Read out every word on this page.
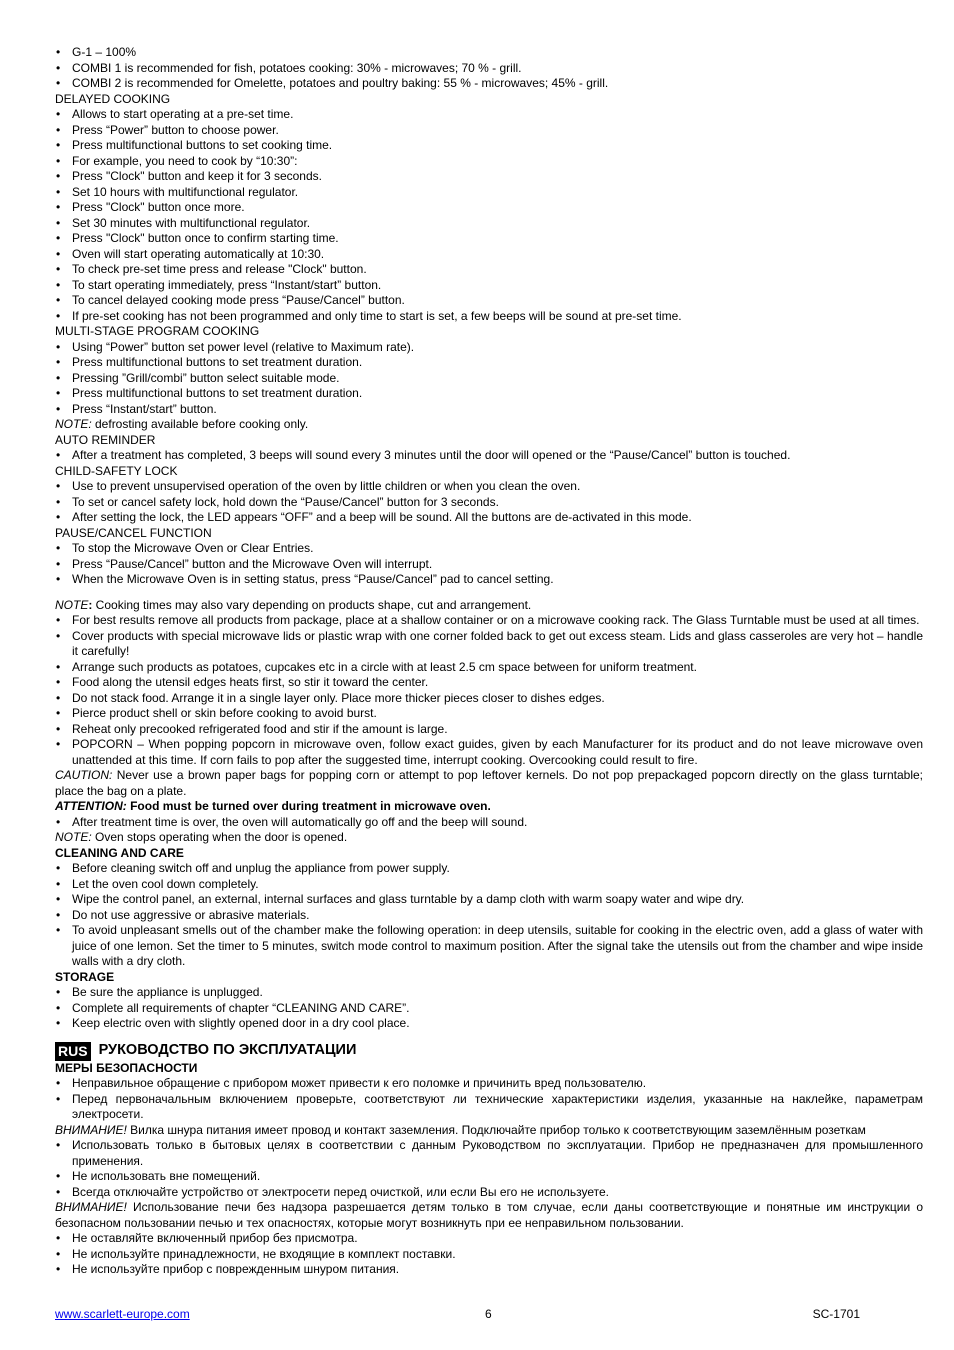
• G-1 – 100%
• COMBI 1 is recommended for fish, potatoes cooking: 30% - microwaves; 70 % - grill.
• COMBI 2 is recommended for Omelette, potatoes and poultry baking: 55 % - microwaves; 45% - grill.
DELAYED COOKING
• Allows to start operating at a pre-set time.
• Press “Power” button to choose power.
• Press multifunctional buttons to set cooking time.
• For example, you need to cook by “10:30”:
• Press "Clock" button and keep it for 3 seconds.
• Set 10 hours with multifunctional regulator.
• Press "Clock" button once more.
• Set 30 minutes with multifunctional regulator.
• Press "Clock" button once to confirm starting time.
• Oven will start operating automatically at 10:30.
• To check pre-set time press and release "Clock" button.
• To start operating immediately, press “Instant/start” button.
• To cancel delayed cooking mode press “Pause/Cancel” button.
• If pre-set cooking has not been programmed and only time to start is set, a few beeps will be sound at pre-set time.
MULTI-STAGE PROGRAM COOKING
• Using “Power” button set power level (relative to Maximum rate).
• Press multifunctional buttons to set treatment duration.
• Pressing ”Grill/combi” button select suitable mode.
• Press multifunctional buttons to set treatment duration.
• Press “Instant/start” button.
NOTE: defrosting available before cooking only.
AUTO REMINDER
• After a treatment has completed, 3 beeps will sound every 3 minutes until the door will opened or the “Pause/Cancel” button is touched.
CHILD-SAFETY LOCK
• Use to prevent unsupervised operation of the oven by little children or when you clean the oven.
• To set or cancel safety lock, hold down the “Pause/Cancel” button for 3 seconds.
• After setting the lock, the LED appears “OFF” and a beep will be sound. All the buttons are de-activated in this mode.
PAUSE/CANCEL FUNCTION
• To stop the Microwave Oven or Clear Entries.
• Press “Pause/Cancel” button and the Microwave Oven will interrupt.
• When the Microwave Oven is in setting status, press “Pause/Cancel” pad to cancel setting.
NOTE: Cooking times may also vary depending on products shape, cut and arrangement.
• For best results remove all products from package, place at a shallow container or on a microwave cooking rack. The Glass Turntable must be used at all times.
• Cover products with special microwave lids or plastic wrap with one corner folded back to get out excess steam. Lids and glass casseroles are very hot – handle it carefully!
• Arrange such products as potatoes, cupcakes etc in a circle with at least 2.5 cm space between for uniform treatment.
• Food along the utensil edges heats first, so stir it toward the center.
• Do not stack food. Arrange it in a single layer only. Place more thicker pieces closer to dishes edges.
• Pierce product shell or skin before cooking to avoid burst.
• Reheat only precooked refrigerated food and stir if the amount is large.
• POPCORN – When popping popcorn in microwave oven, follow exact guides, given by each Manufacturer for its product and do not leave microwave oven unattended at this time. If corn fails to pop after the suggested time, interrupt cooking. Overcooking could result to fire.
CAUTION: Never use a brown paper bags for popping corn or attempt to pop leftover kernels. Do not pop prepackaged popcorn directly on the glass turntable; place the bag on a plate.
ATTENTION: Food must be turned over during treatment in microwave oven.
• After treatment time is over, the oven will automatically go off and the beep will sound.
NOTE: Oven stops operating when the door is opened.
CLEANING AND CARE
• Before cleaning switch off and unplug the appliance from power supply.
• Let the oven cool down completely.
• Wipe the control panel, an external, internal surfaces and glass turntable by a damp cloth with warm soapy water and wipe dry.
• Do not use aggressive or abrasive materials.
• To avoid unpleasant smells out of the chamber make the following operation: in deep utensils, suitable for cooking in the electric oven, add a glass of water with juice of one lemon. Set the timer to 5 minutes, switch mode control to maximum position. After the signal take the utensils out from the chamber and wipe inside walls with a dry cloth.
STORAGE
• Be sure the appliance is unplugged.
• Complete all requirements of chapter “CLEANING AND CARE”.
• Keep electric oven with slightly opened door in a dry cool place.
RUS РУКОВОДСТВО ПО ЭКСПЛУАТАЦИИ
МЕРЫ БЕЗОПАСНОСТИ
• Неправильное обращение с прибором может привести к его поломке и причинить вред пользователю.
• Перед первоначальным включением проверьте, соответствуют ли технические характеристики изделия, указанные на наклейке, параметрам электросети.
ВНИМАНИЕ! Вилка шнура питания имеет провод и контакт заземления. Подключайте прибор только к соответствующим заземлённым розеткам
• Использовать только в бытовых целях в соответствии с данным Руководством по эксплуатации. Прибор не предназначен для промышленного применения.
• Не использовать вне помещений.
• Всегда отключайте устройство от электросети перед очисткой, или если Вы его не используете.
ВНИМАНИЕ! Использование печи без надзора разрешается детям только в том случае, если даны соответствующие и понятные им инструкции о безопасном пользовании печью и тех опасностях, которые могут возникнуть при ее неправильном пользовании.
• Не оставляйте включенный прибор без присмотра.
• Не используйте принадлежности, не входящие в комплект поставки.
• Не используйте прибор с поврежденным шнуром питания.
www.scarlett-europe.com	6	SC-1701
